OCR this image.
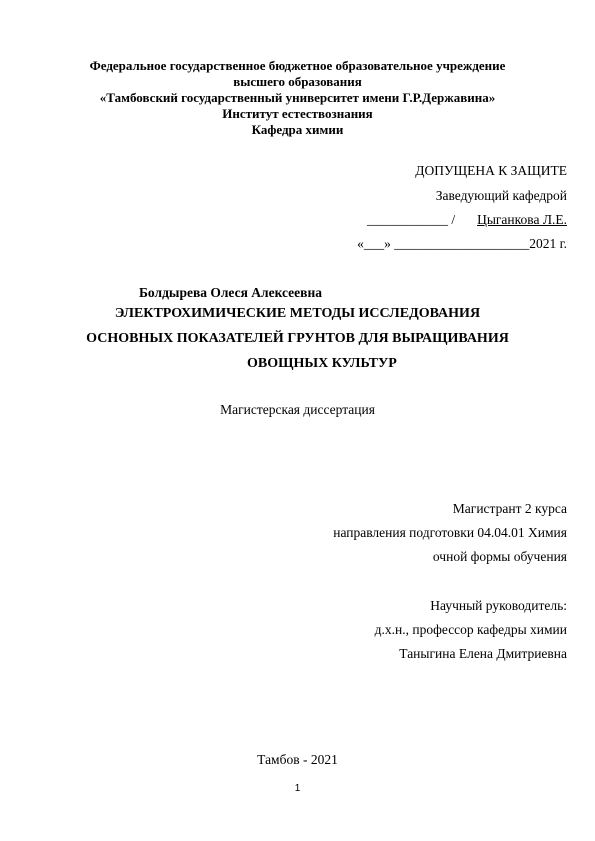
Федеральное государственное бюджетное образовательное учреждение
высшего образования
«Тамбовский государственный университет имени Г.Р.Державина»
Институт естествознания
Кафедра химии
ДОПУЩЕНА К ЗАЩИТЕ
Заведующий кафедрой
____________ / Цыганкова Л.Е.
«___» ____________________2021 г.
Болдырева Олеся Алексеевна
ЭЛЕКТРОХИМИЧЕСКИЕ МЕТОДЫ ИССЛЕДОВАНИЯ
ОСНОВНЫХ ПОКАЗАТЕЛЕЙ ГРУНТОВ ДЛЯ ВЫРАЩИВАНИЯ
ОВОЩНЫХ КУЛЬТУР
Магистерская диссертация
Магистрант 2 курса
направления подготовки 04.04.01 Химия
очной формы обучения
Научный руководитель:
д.х.н., профессор кафедры химии
Таныгина Елена Дмитриевна
Тамбов - 2021
1
